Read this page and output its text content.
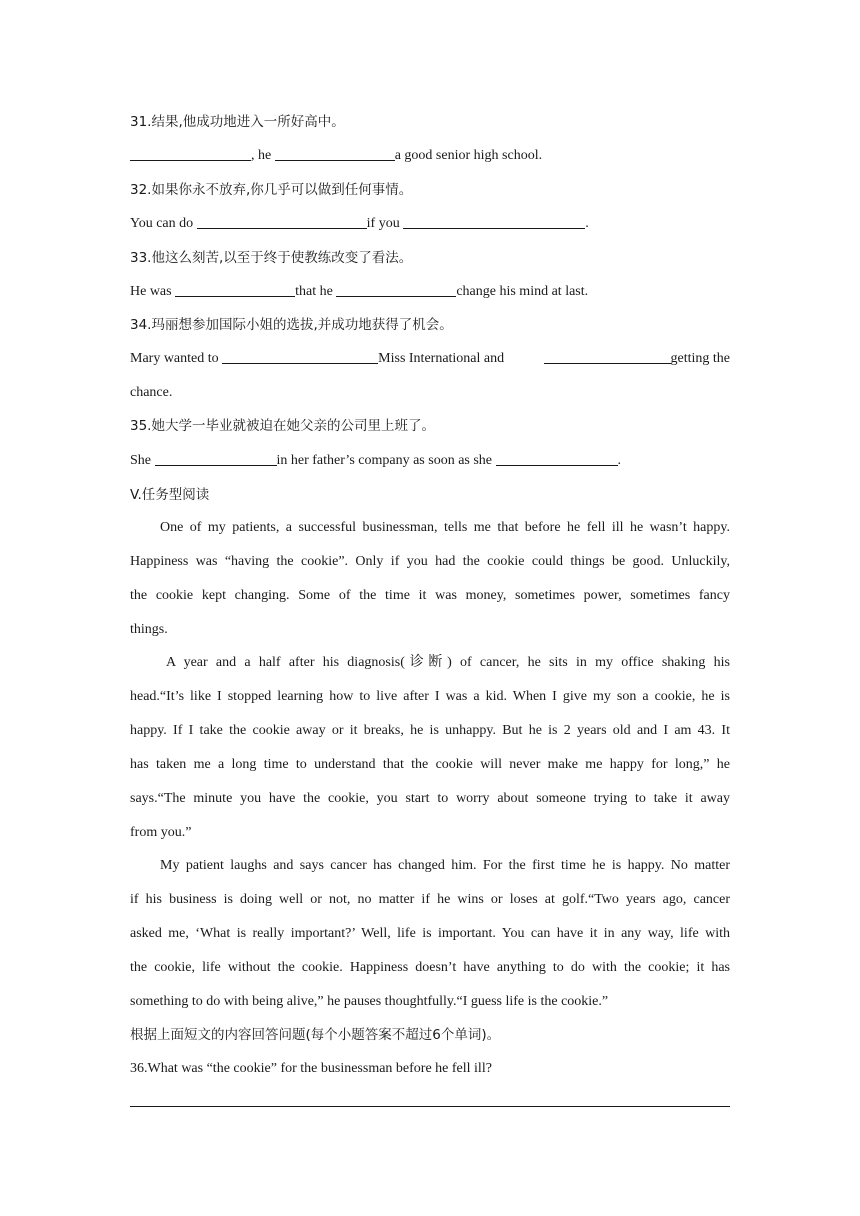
31.结果,他成功地进入一所好高中。
, he	a good senior high school.
32.如果你永不放弃,你几乎可以做到任何事情。
You can do	if you	.
33.他这么刻苦,以至于终于使教练改变了看法。
He was	that he	change his mind at last.
34.玛丽想参加国际小姐的选拔,并成功地获得了机会。
Mary wanted to	Miss International and	getting the
chance.
35.她大学一毕业就被迫在她父亲的公司里上班了。
She	in her father’s company as soon as she	.
V.任务型阅读
One of my patients, a successful businessman, tells me that before he fell ill he wasn’t happy.
Happiness was “having the cookie”. Only if you had the cookie could things be good. Unluckily,
the cookie kept changing. Some of the time it was money, sometimes power, sometimes fancy
things.
A year and a half after his diagnosis(诊断) of cancer, he sits in my office shaking his
head.“It’s like I stopped learning how to live after I was a kid. When I give my son a cookie, he is
happy. If I take the cookie away or it breaks, he is unhappy. But he is 2 years old and I am 43. It
has taken me a long time to understand that the cookie will never make me happy for long,” he
says.“The minute you have the cookie, you start to worry about someone trying to take it away
from you.”
My patient laughs and says cancer has changed him. For the first time he is happy. No matter
if his business is doing well or not, no matter if he wins or loses at golf.“Two years ago, cancer
asked me, ‘What is really important?’ Well, life is important. You can have it in any way, life with
the cookie, life without the cookie. Happiness doesn’t have anything to do with the cookie; it has
something to do with being alive,” he pauses thoughtfully.“I guess life is the cookie.”
根据上面短文的内容回答问题(每个小题答案不超过6个单词)。
36.What was “the cookie” for the businessman before he fell ill?
